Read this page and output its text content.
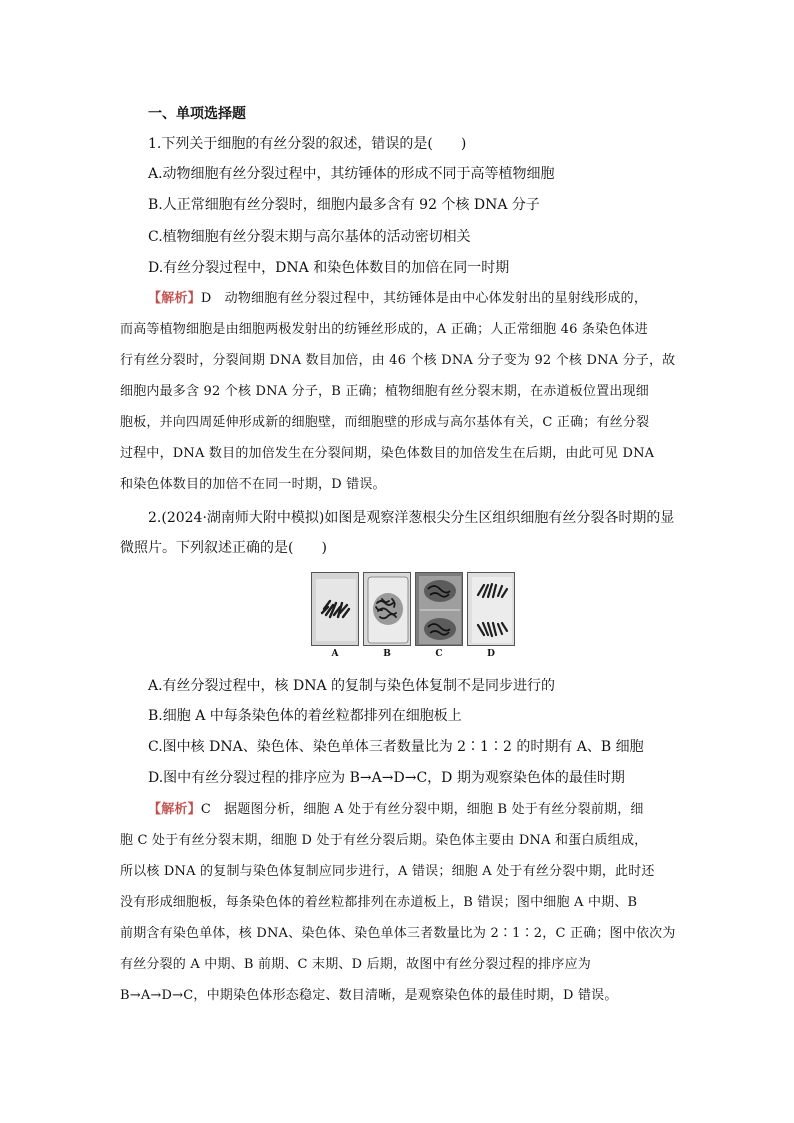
一、单项选择题
1.下列关于细胞的有丝分裂的叙述，错误的是(　　)
A.动物细胞有丝分裂过程中，其纺锤体的形成不同于高等植物细胞
B.人正常细胞有丝分裂时，细胞内最多含有 92 个核 DNA 分子
C.植物细胞有丝分裂末期与高尔基体的活动密切相关
D.有丝分裂过程中，DNA 和染色体数目的加倍在同一时期
【解析】D　动物细胞有丝分裂过程中，其纺锤体是由中心体发射出的星射线形成的，
而高等植物细胞是由细胞两极发射出的纺锤丝形成的，A 正确；人正常细胞 46 条染色体进
行有丝分裂时，分裂间期 DNA 数目加倍，由 46 个核 DNA 分子变为 92 个核 DNA 分子，故
细胞内最多含 92 个核 DNA 分子，B 正确；植物细胞有丝分裂末期，在赤道板位置出现细
胞板，并向四周延伸形成新的细胞壁，而细胞壁的形成与高尔基体有关，C 正确；有丝分裂
过程中，DNA 数目的加倍发生在分裂间期，染色体数目的加倍发生在后期，由此可见 DNA
和染色体数目的加倍不在同一时期，D 错误。
2.(2024·湖南师大附中模拟)如图是观察洋葱根尖分生区组织细胞有丝分裂各时期的显
微照片。下列叙述正确的是(　　)
A	B	C	D
A.有丝分裂过程中，核 DNA 的复制与染色体复制不是同步进行的
B.细胞 A 中每条染色体的着丝粒都排列在细胞板上
C.图中核 DNA、染色体、染色单体三者数量比为 2∶1∶2 的时期有 A、B 细胞
D.图中有丝分裂过程的排序应为 B→A→D→C，D 期为观察染色体的最佳时期
【解析】C　据题图分析，细胞 A 处于有丝分裂中期，细胞 B 处于有丝分裂前期，细
胞 C 处于有丝分裂末期，细胞 D 处于有丝分裂后期。染色体主要由 DNA 和蛋白质组成，
所以核 DNA 的复制与染色体复制应同步进行，A 错误；细胞 A 处于有丝分裂中期，此时还
没有形成细胞板，每条染色体的着丝粒都排列在赤道板上，B 错误；图中细胞 A 中期、B
前期含有染色单体，核 DNA、染色体、染色单体三者数量比为 2∶1∶2，C 正确；图中依次为
有丝分裂的 A 中期、B 前期、C 末期、D 后期，故图中有丝分裂过程的排序应为
B→A→D→C，中期染色体形态稳定、数目清晰，是观察染色体的最佳时期，D 错误。
